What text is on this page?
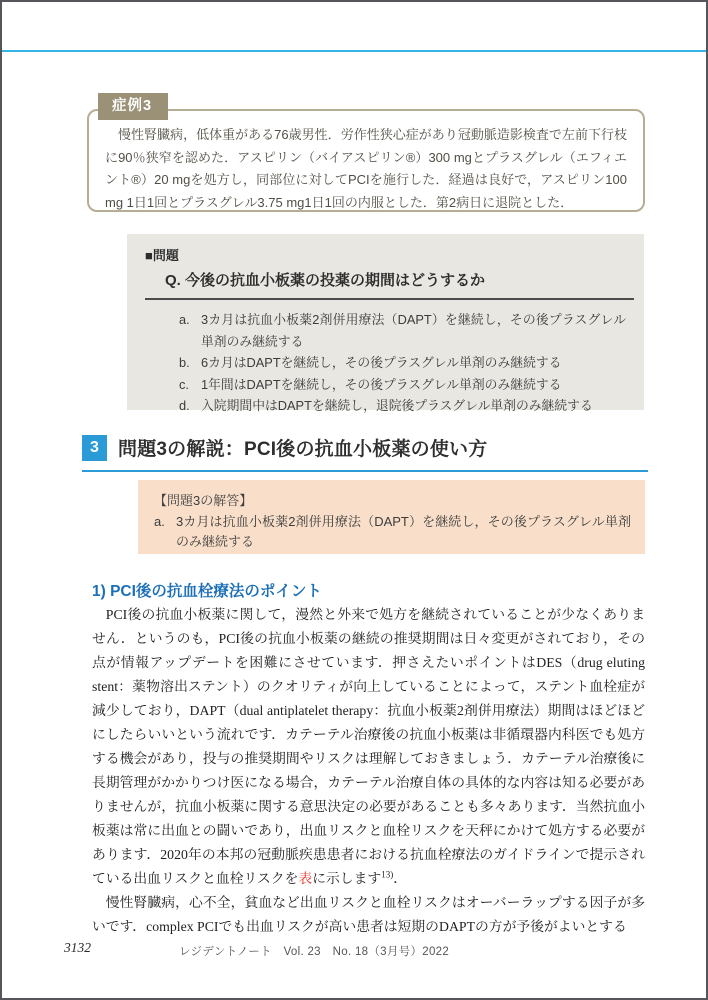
症例3
慢性腎臓病，低体重がある76歳男性．労作性狭心症があり冠動脈造影検査で左前下行枝に90％狭窄を認めた．アスピリン（バイアスピリン®）300 mgとプラスグレル（エフィエント®）20 mgを処方し，同部位に対してPCIを施行した．経過は良好で，アスピリン100 mg 1日1回とプラスグレル3.75 mg1日1回の内服とした．第2病日に退院とした．
■問題
Q. 今後の抗血小板薬の投薬の期間はどうするか
a. 3カ月は抗血小板薬2剤併用療法（DAPT）を継続し，その後プラスグレル単剤のみ継続する
b. 6カ月はDAPTを継続し，その後プラスグレル単剤のみ継続する
c. 1年間はDAPTを継続し，その後プラスグレル単剤のみ継続する
d. 入院期間中はDAPTを継続し，退院後プラスグレル単剤のみ継続する
3	問題3の解説：PCI後の抗血小板薬の使い方
【問題3の解答】
a. 3カ月は抗血小板薬2剤併用療法（DAPT）を継続し，その後プラスグレル単剤のみ継続する
1) PCI後の抗血栓療法のポイント

PCI後の抗血小板薬に関して，漫然と外来で処方を継続されていることが少なくありません．というのも，PCI後の抗血小板薬の継続の推奨期間は日々変更がされており，その点が情報アップデートを困難にさせています．押さえたいポイントはDES（drug eluting stent：薬物溶出ステント）のクオリティが向上していることによって，ステント血栓症が減少しており，DAPT（dual antiplatelet therapy：抗血小板薬2剤併用療法）期間はほどほどにしたらいいという流れです．カテーテル治療後の抗血小板薬は非循環器内科医でも処方する機会があり，投与の推奨期間やリスクは理解しておきましょう．カテーテル治療後に長期管理がかかりつけ医になる場合，カテーテル治療自体の具体的な内容は知る必要がありませんが，抗血小板薬に関する意思決定の必要があることも多々あります．当然抗血小板薬は常に出血との闘いであり，出血リスクと血栓リスクを天秤にかけて処方する必要があります．2020年の本邦の冠動脈疾患患者における抗血栓療法のガイドラインで提示されている出血リスクと血栓リスクを表に示します$^{13)}$．

慢性腎臓病，心不全，貧血など出血リスクと血栓リスクはオーバーラップする因子が多いです．complex PCIでも出血リスクが高い患者は短期のDAPTの方が予後がよいとする

3132	レジデントノート　Vol. 23　No. 18（3月号）2022
